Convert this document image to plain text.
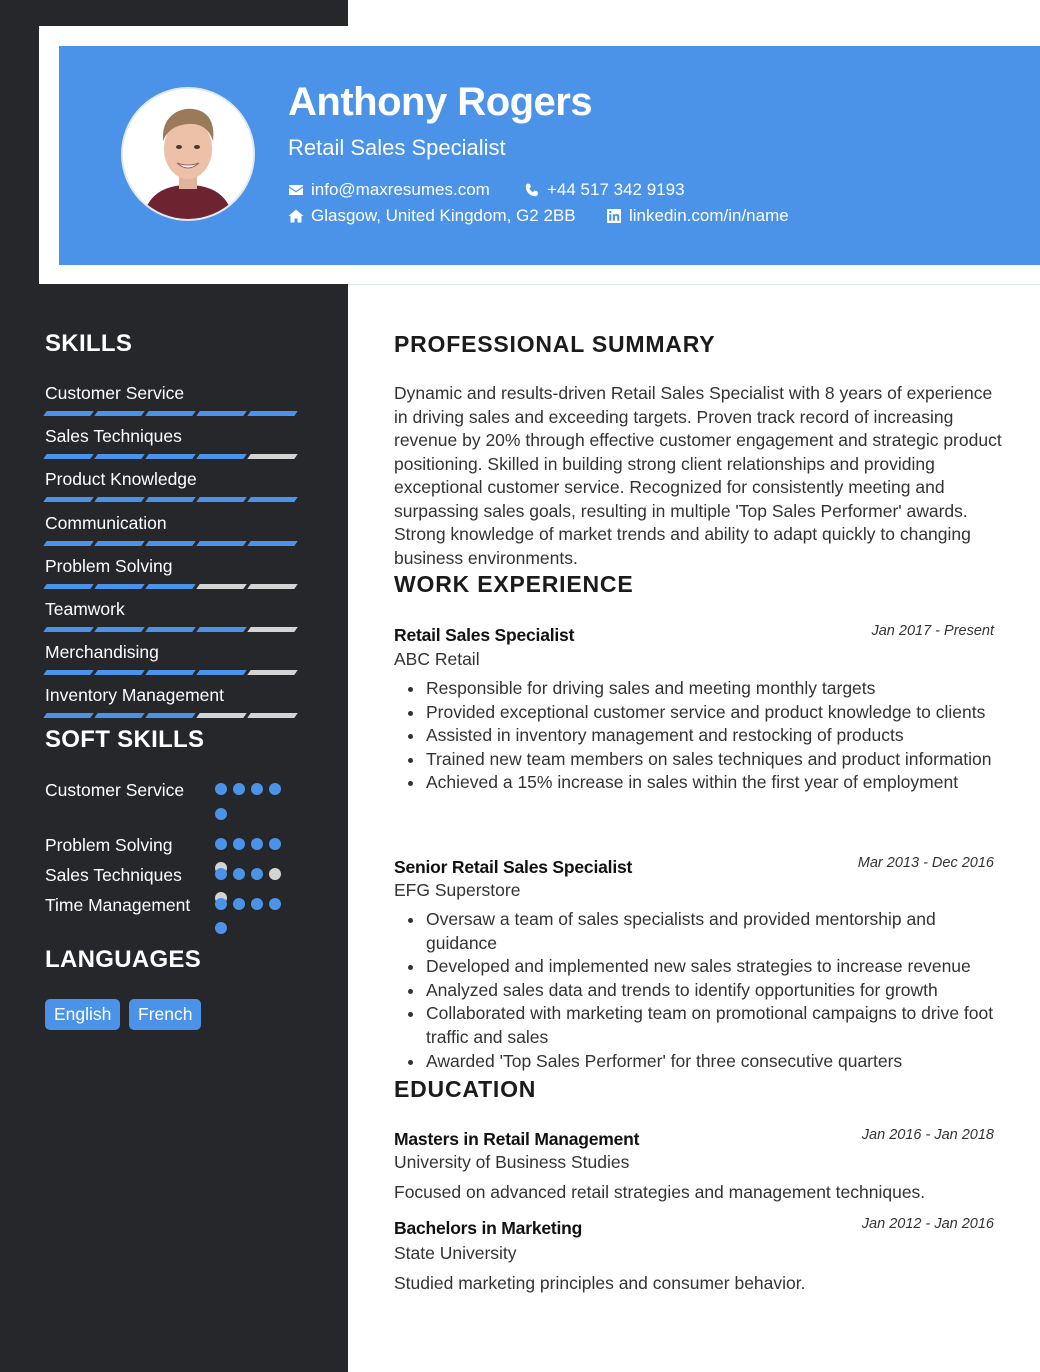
Anthony Rogers
Retail Sales Specialist
info@maxresumes.com	+44 517 342 9193
Glasgow, United Kingdom, G2 2BB	linkedin.com/in/name
SKILLS
Customer Service
Sales Techniques
Product Knowledge
Communication
Problem Solving
Teamwork
Merchandising
Inventory Management
SOFT SKILLS
Customer Service
Problem Solving
Sales Techniques
Time Management
LANGUAGES
English	French
PROFESSIONAL SUMMARY

Dynamic and results-driven Retail Sales Specialist with 8 years of experience in driving sales and exceeding targets. Proven track record of increasing revenue by 20% through effective customer engagement and strategic product positioning. Skilled in building strong client relationships and providing exceptional customer service. Recognized for consistently meeting and surpassing sales goals, resulting in multiple 'Top Sales Performer' awards. Strong knowledge of market trends and ability to adapt quickly to changing business environments.

WORK EXPERIENCE
Retail Sales Specialist	Jan 2017 - Present
ABC Retail
Responsible for driving sales and meeting monthly targets
Provided exceptional customer service and product knowledge to clients
Assisted in inventory management and restocking of products
Trained new team members on sales techniques and product information
Achieved a 15% increase in sales within the first year of employment
Senior Retail Sales Specialist	Mar 2013 - Dec 2016
EFG Superstore
Oversaw a team of sales specialists and provided mentorship and guidance
Developed and implemented new sales strategies to increase revenue
Analyzed sales data and trends to identify opportunities for growth
Collaborated with marketing team on promotional campaigns to drive foot traffic and sales
Awarded 'Top Sales Performer' for three consecutive quarters
EDUCATION
Masters in Retail Management	Jan 2016 - Jan 2018
University of Business Studies
Focused on advanced retail strategies and management techniques.
Bachelors in Marketing	Jan 2012 - Jan 2016
State University
Studied marketing principles and consumer behavior.
